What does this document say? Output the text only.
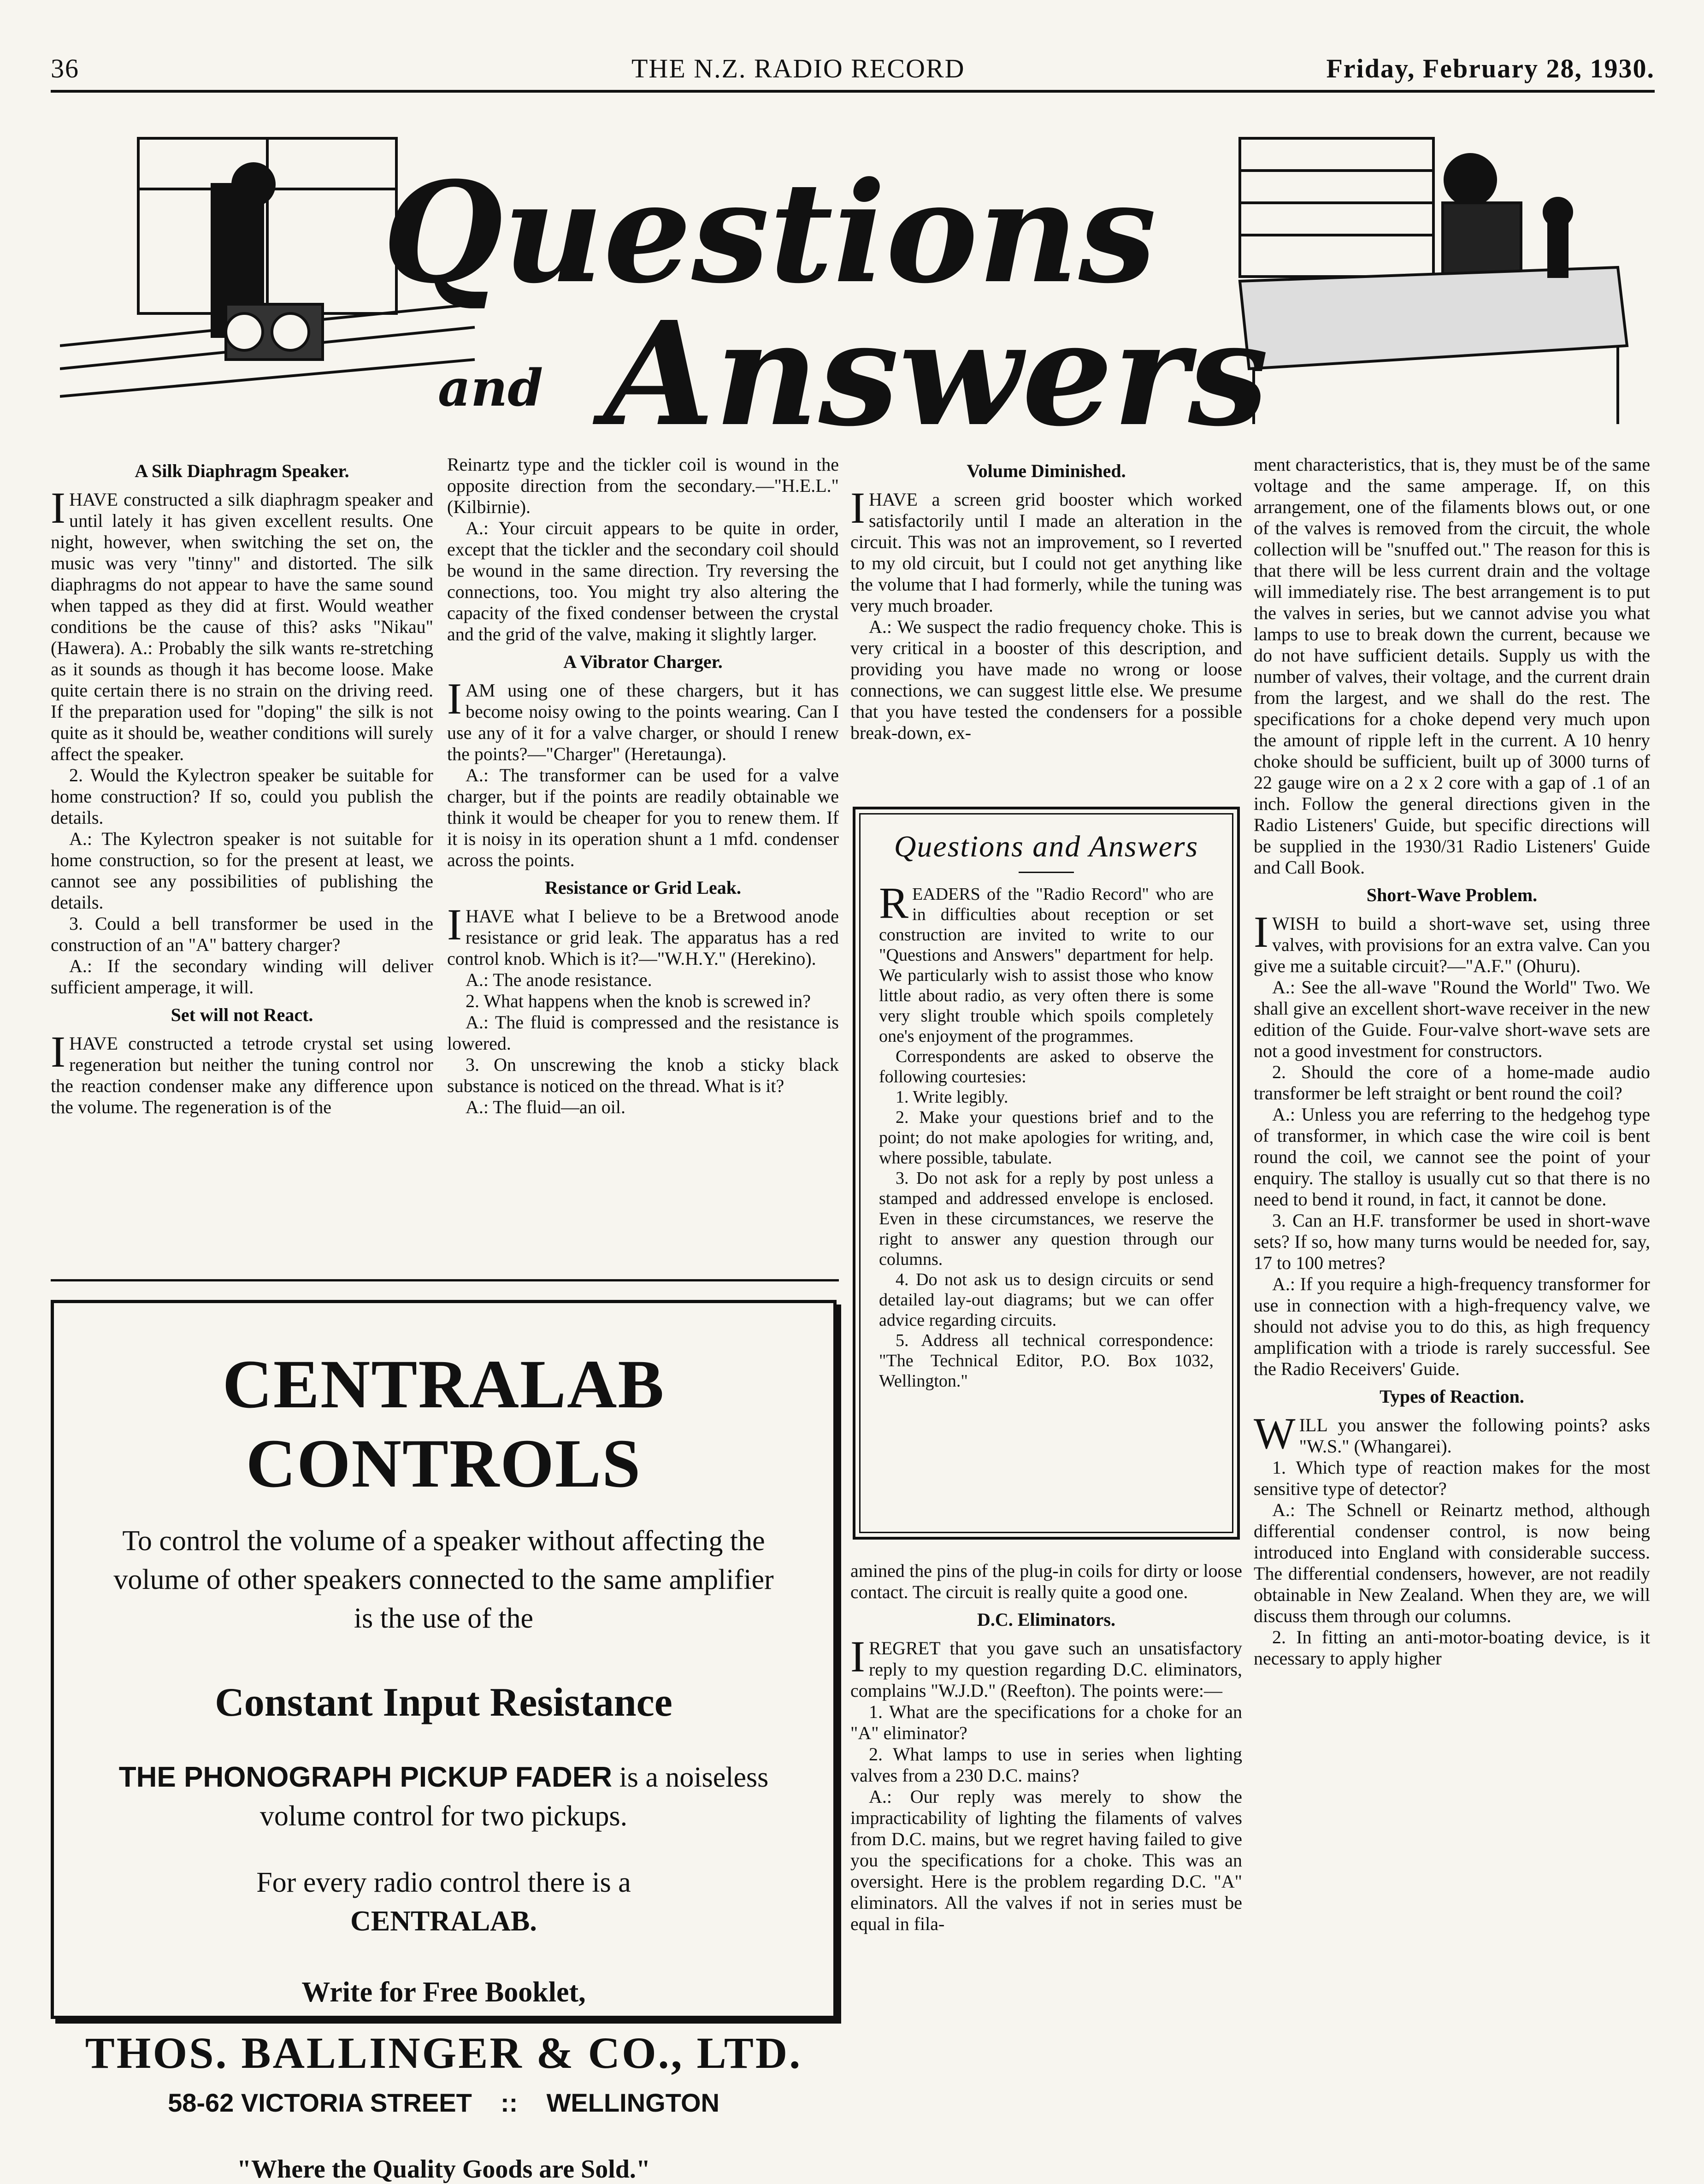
36	THE N.Z. RADIO RECORD	Friday, February 28, 1930.
Questions
and Answers
A Silk Diaphragm Speaker.

IHAVE constructed a silk diaphragm speaker and until lately it has given excellent results. One night, however, when switching the set on, the music was very "tinny" and distorted. The silk diaphragms do not appear to have the same sound when tapped as they did at first. Would weather conditions be the cause of this? asks "Nikau" (Hawera). A.: Probably the silk wants re-stretching as it sounds as though it has become loose. Make quite certain there is no strain on the driving reed. If the preparation used for "doping" the silk is not quite as it should be, weather conditions will surely affect the speaker.

2. Would the Kylectron speaker be suitable for home construction? If so, could you publish the details.

A.: The Kylectron speaker is not suitable for home construction, so for the present at least, we cannot see any possibilities of publishing the details.

3. Could a bell transformer be used in the construction of an "A" battery charger?

A.: If the secondary winding will deliver sufficient amperage, it will.

Set will not React.

IHAVE constructed a tetrode crystal set using regeneration but neither the tuning control nor the reaction condenser make any difference upon the volume. The regeneration is of the

Reinartz type and the tickler coil is wound in the opposite direction from the secondary.—"H.E.L." (Kilbirnie).

A.: Your circuit appears to be quite in order, except that the tickler and the secondary coil should be wound in the same direction. Try reversing the connections, too. You might try also altering the capacity of the fixed condenser between the crystal and the grid of the valve, making it slightly larger.

A Vibrator Charger.

IAM using one of these chargers, but it has become noisy owing to the points wearing. Can I use any of it for a valve charger, or should I renew the points?—"Charger" (Heretaunga).

A.: The transformer can be used for a valve charger, but if the points are readily obtainable we think it would be cheaper for you to renew them. If it is noisy in its operation shunt a 1 mfd. condenser across the points.

Resistance or Grid Leak.

IHAVE what I believe to be a Bretwood anode resistance or grid leak. The apparatus has a red control knob. Which is it?—"W.H.Y." (Herekino).

A.: The anode resistance.

2. What happens when the knob is screwed in?

A.: The fluid is compressed and the resistance is lowered.

3. On unscrewing the knob a sticky black substance is noticed on the thread. What is it?

A.: The fluid—an oil.

Volume Diminished.

IHAVE a screen grid booster which worked satisfactorily until I made an alteration in the circuit. This was not an improvement, so I reverted to my old circuit, but I could not get anything like the volume that I had formerly, while the tuning was very much broader.

A.: We suspect the radio frequency choke. This is very critical in a booster of this description, and providing you have made no wrong or loose connections, we can suggest little else. We presume that you have tested the condensers for a possible break-down, ex-

Questions and Answers

READERS of the "Radio Record" who are in difficulties about reception or set construction are invited to write to our "Questions and Answers" department for help. We particularly wish to assist those who know little about radio, as very often there is some very slight trouble which spoils completely one's enjoyment of the programmes.

Correspondents are asked to observe the following courtesies:

1. Write legibly.

2. Make your questions brief and to the point; do not make apologies for writing, and, where possible, tabulate.

3. Do not ask for a reply by post unless a stamped and addressed envelope is enclosed. Even in these circumstances, we reserve the right to answer any question through our columns.

4. Do not ask us to design circuits or send detailed lay-out diagrams; but we can offer advice regarding circuits.

5. Address all technical correspondence: "The Technical Editor, P.O. Box 1032, Wellington."

amined the pins of the plug-in coils for dirty or loose contact. The circuit is really quite a good one.

D.C. Eliminators.

IREGRET that you gave such an unsatisfactory reply to my question regarding D.C. eliminators, complains "W.J.D." (Reefton). The points were:—

1. What are the specifications for a choke for an "A" eliminator?

2. What lamps to use in series when lighting valves from a 230 D.C. mains?

A.: Our reply was merely to show the impracticability of lighting the filaments of valves from D.C. mains, but we regret having failed to give you the specifications for a choke. This was an oversight. Here is the problem regarding D.C. "A" eliminators. All the valves if not in series must be equal in fila-

ment characteristics, that is, they must be of the same voltage and the same amperage. If, on this arrangement, one of the filaments blows out, or one of the valves is removed from the circuit, the whole collection will be "snuffed out." The reason for this is that there will be less current drain and the voltage will immediately rise. The best arrangement is to put the valves in series, but we cannot advise you what lamps to use to break down the current, because we do not have sufficient details. Supply us with the number of valves, their voltage, and the current drain from the largest, and we shall do the rest. The specifications for a choke depend very much upon the amount of ripple left in the current. A 10 henry choke should be sufficient, built up of 3000 turns of 22 gauge wire on a 2 x 2 core with a gap of .1 of an inch. Follow the general directions given in the Radio Listeners' Guide, but specific directions will be supplied in the 1930/31 Radio Listeners' Guide and Call Book.

Short-Wave Problem.

IWISH to build a short-wave set, using three valves, with provisions for an extra valve. Can you give me a suitable circuit?—"A.F." (Ohuru).

A.: See the all-wave "Round the World" Two. We shall give an excellent short-wave receiver in the new edition of the Guide. Four-valve short-wave sets are not a good investment for constructors.

2. Should the core of a home-made audio transformer be left straight or bent round the coil?

A.: Unless you are referring to the hedgehog type of transformer, in which case the wire coil is bent round the coil, we cannot see the point of your enquiry. The stalloy is usually cut so that there is no need to bend it round, in fact, it cannot be done.

3. Can an H.F. transformer be used in short-wave sets? If so, how many turns would be needed for, say, 17 to 100 metres?

A.: If you require a high-frequency transformer for use in connection with a high-frequency valve, we should not advise you to do this, as high frequency amplification with a triode is rarely successful. See the Radio Receivers' Guide.

Types of Reaction.

WILL you answer the following points? asks "W.S." (Whangarei).

1. Which type of reaction makes for the most sensitive type of detector?

A.: The Schnell or Reinartz method, although differential condenser control, is now being introduced into England with considerable success. The differential condensers, however, are not readily obtainable in New Zealand. When they are, we will discuss them through our columns.

2. In fitting an anti-motor-boating device, is it necessary to apply higher

CENTRALAB CONTROLS
To control the volume of a speaker without affecting the volume of other speakers connected to the same amplifier is the use of the
Constant Input Resistance
THE PHONOGRAPH PICKUP FADER is a noiseless volume control for two pickups.
For every radio control there is a
CENTRALAB.
Write for Free Booklet,
THOS. BALLINGER & CO., LTD.
58-62 VICTORIA STREET :: WELLINGTON
"Where the Quality Goods are Sold."
